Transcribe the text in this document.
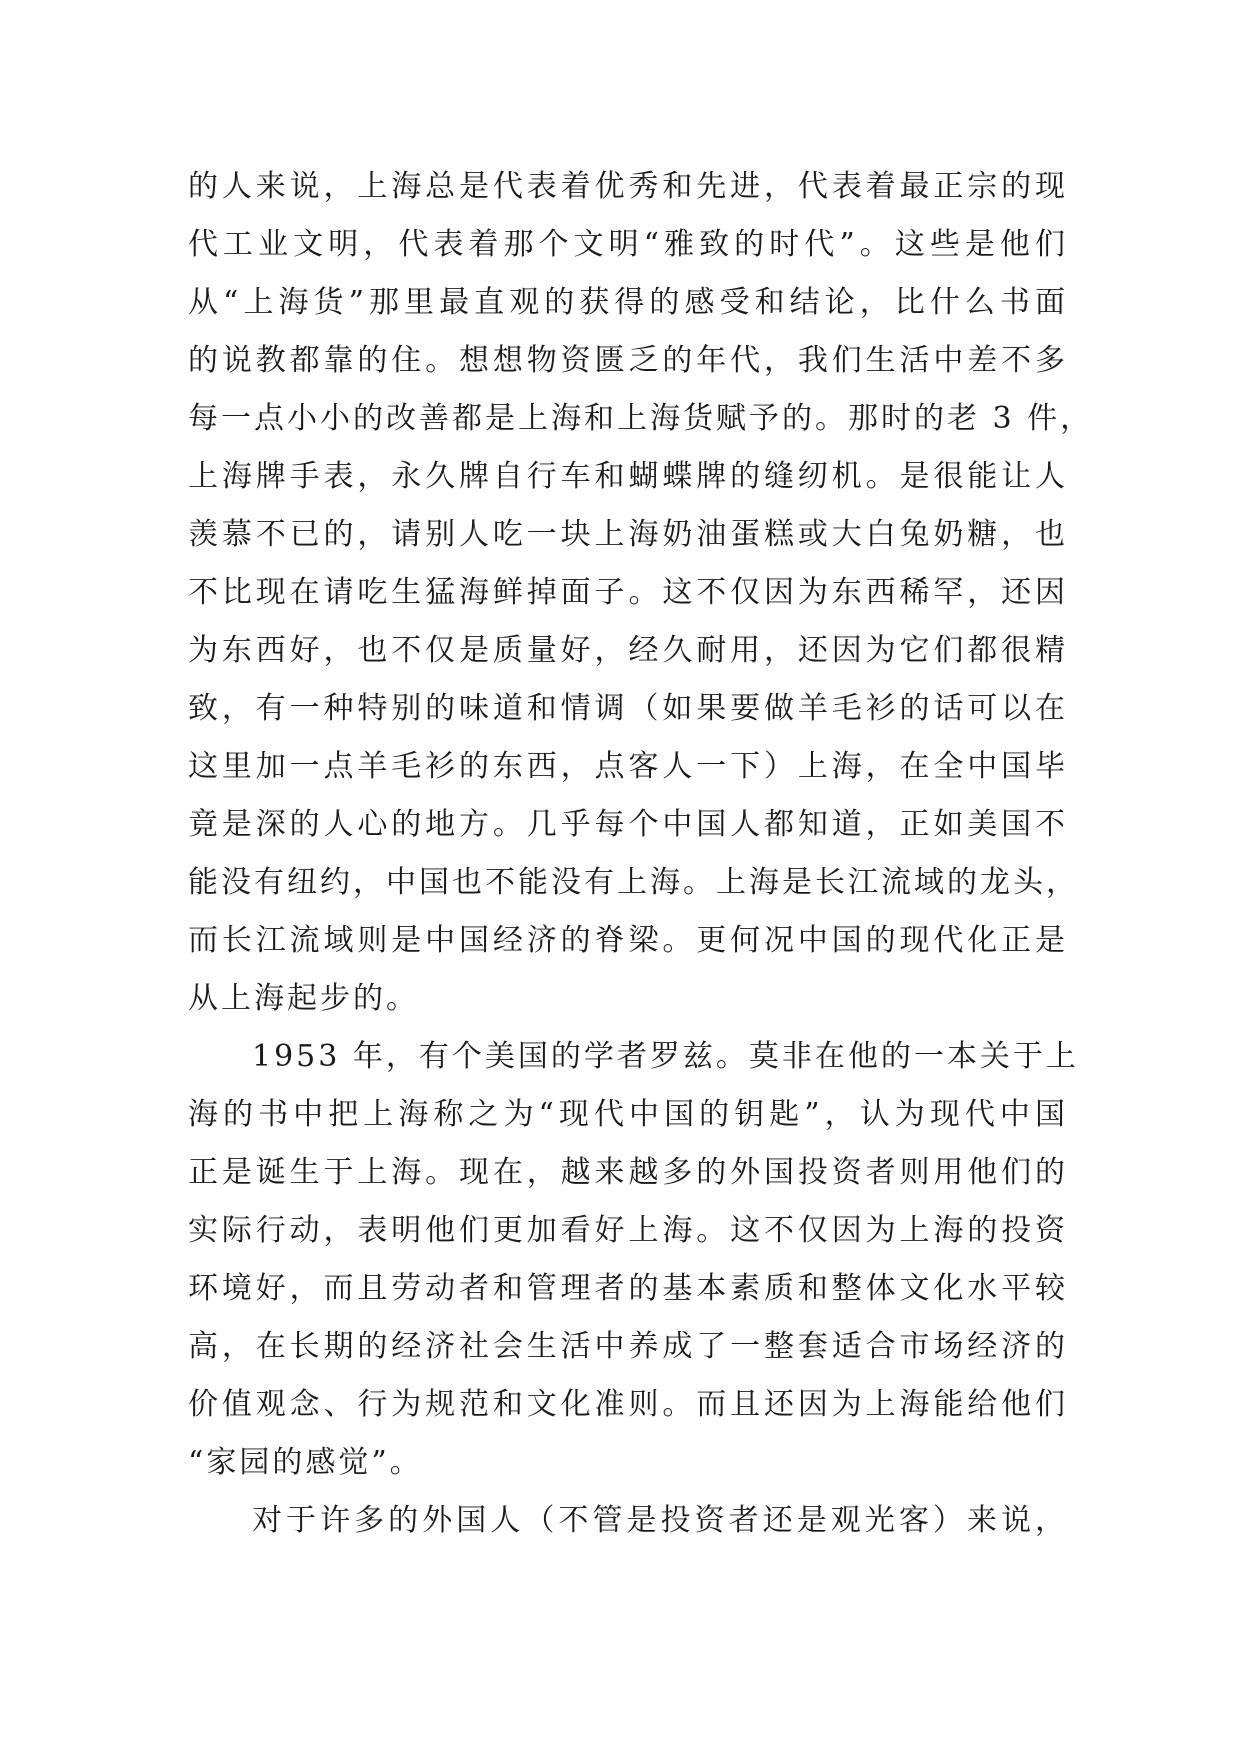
的人来说，上海总是代表着优秀和先进，代表着最正宗的现
代工业文明，代表着那个文明“雅致的时代”。这些是他们
从“上海货”那里最直观的获得的感受和结论，比什么书面
的说教都靠的住。想想物资匮乏的年代，我们生活中差不多
每一点小小的改善都是上海和上海货赋予的。那时的老 3 件，
上海牌手表，永久牌自行车和蝴蝶牌的缝纫机。是很能让人
羡慕不已的，请别人吃一块上海奶油蛋糕或大白兔奶糖，也
不比现在请吃生猛海鲜掉面子。这不仅因为东西稀罕，还因
为东西好，也不仅是质量好，经久耐用，还因为它们都很精
致，有一种特别的味道和情调（如果要做羊毛衫的话可以在
这里加一点羊毛衫的东西，点客人一下）上海，在全中国毕
竟是深的人心的地方。几乎每个中国人都知道，正如美国不
能没有纽约，中国也不能没有上海。上海是长江流域的龙头，
而长江流域则是中国经济的脊梁。更何况中国的现代化正是
从上海起步的。
1953 年，有个美国的学者罗兹。莫非在他的一本关于上
海的书中把上海称之为“现代中国的钥匙”，认为现代中国
正是诞生于上海。现在，越来越多的外国投资者则用他们的
实际行动，表明他们更加看好上海。这不仅因为上海的投资
环境好，而且劳动者和管理者的基本素质和整体文化水平较
高，在长期的经济社会生活中养成了一整套适合市场经济的
价值观念、行为规范和文化准则。而且还因为上海能给他们
“家园的感觉”。
对于许多的外国人（不管是投资者还是观光客）来说，
